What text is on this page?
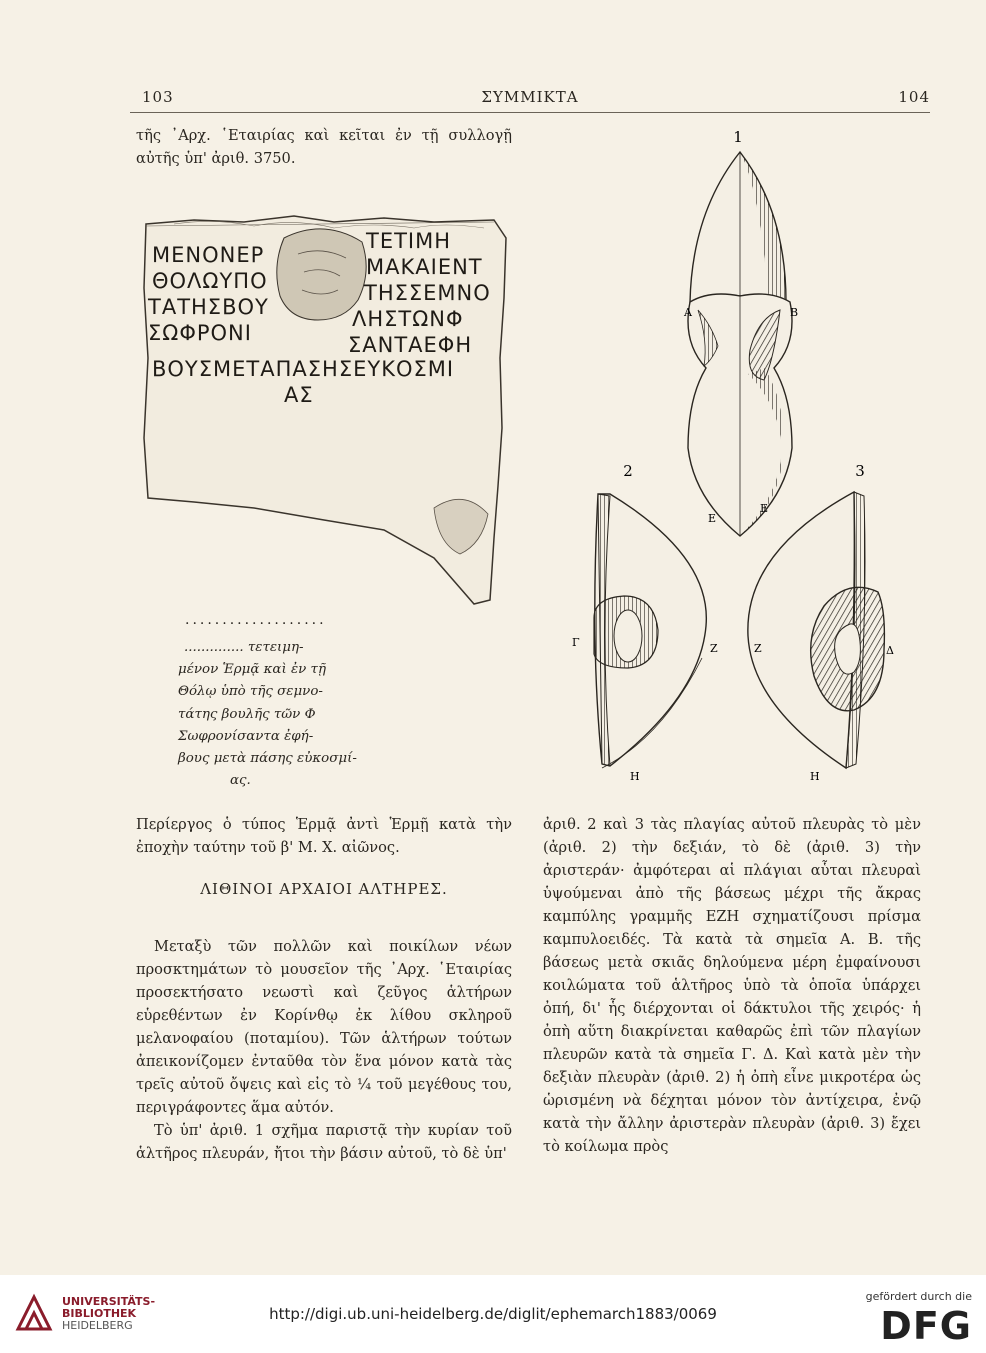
103	ΣΥΜΜΙΚΤΑ	104
τῆς ᾿Αρχ. ῾Εταιρίας καὶ κεῖται ἐν τῇ συλλογῇ αὐτῆς ὑπ' ἀριθ. 3750.
ΜΕΝΟΝΕΡ
ΤΕΤΙΜΗ
ΘΟΛΩΥΠΟ
ΜΑΚΑΙΕΝΤ
ΤΑΤΗΣΒΟΥ
ΤΗΣΣΕΜΝΟ
ΣΩΦΡΟΝΙ
ΛΗΣΤΩΝΦ
ΣΑΝΤΑΕΦΗ
ΒΟΥΣΜΕΤΑΠΑΣΗΣΕΥΚΟΣΜΙ
ΑΣ
...................
.............. τετειμη-
μένον Ἑρμᾷ καὶ ἐν τῇ
Θόλῳ ὑπὸ τῆς σεμνο-
τάτης βουλῆς τῶν Φ
Σωφρονίσαντα ἐφή-
βους μετὰ πάσης εὐκοσμί-
ας.
Περίεργος ὁ τύπος Ἑρμᾷ ἀντὶ Ἑρμῇ κατὰ τὴν ἐποχὴν ταύτην τοῦ β' Μ. Χ. αἰῶνος.
ΛΙΘΙΝΟΙ ΑΡΧΑΙΟΙ ΑΛΤΗΡΕΣ.

Μεταξὺ τῶν πολλῶν καὶ ποικίλων νέων προσκτημάτων τὸ μουσεῖον τῆς ᾿Αρχ. ῾Εταιρίας προσεκτήσατο νεωστὶ καὶ ζεῦγος ἁλτήρων εὑρεθέντων ἐν Κορίνθῳ ἐκ λίθου σκληροῦ μελανοφαίου (ποταμίου). Τῶν ἁλτήρων τούτων ἀπεικονίζομεν ἐνταῦθα τὸν ἕνα μόνον κατὰ τὰς τρεῖς αὐτοῦ ὄψεις καὶ εἰς τὸ ¼ τοῦ μεγέθους του, περιγράφοντες ἅμα αὐτόν.

Τὸ ὑπ' ἀριθ. 1 σχῆμα παριστᾷ τὴν κυρίαν τοῦ ἁλτῆρος πλευράν, ἤτοι τὴν βάσιν αὐτοῦ, τὸ δὲ ὑπ'

1
Α	Β
2
Ε
Γ	Ζ
Η
3
Ε
Ζ	Δ
Η
ἀριθ. 2 καὶ 3 τὰς πλαγίας αὐτοῦ πλευρὰς τὸ μὲν (ἀριθ. 2) τὴν δεξιάν, τὸ δὲ (ἀριθ. 3) τὴν ἀριστεράν· ἀμφότεραι αἱ πλάγιαι αὗται πλευραὶ ὑψούμεναι ἀπὸ τῆς βάσεως μέχρι τῆς ἄκρας καμπύλης γραμμῆς ΕΖΗ σχηματίζουσι πρίσμα καμπυλοειδές. Τὰ κατὰ τὰ σημεῖα Α. Β. τῆς βάσεως μετὰ σκιᾶς δηλούμενα μέρη ἐμφαίνουσι κοιλώματα τοῦ ἁλτῆρος ὑπὸ τὰ ὁποῖα ὑπάρχει ὀπή, δι' ἧς διέρχονται οἱ δάκτυλοι τῆς χειρός· ἡ ὀπὴ αὕτη διακρίνεται καθαρῶς ἐπὶ τῶν πλαγίων πλευρῶν κατὰ τὰ σημεῖα Γ. Δ. Καὶ κατὰ μὲν τὴν δεξιὰν πλευρὰν (ἀριθ. 2) ἡ ὀπὴ εἶνε μικροτέρα ὡς ὡρισμένη νὰ δέχηται μόνον τὸν ἀντίχειρα, ἐνῷ κατὰ τὴν ἄλλην ἀριστερὰν πλευρὰν (ἀριθ. 3) ἔχει τὸ κοίλωμα πρὸς
UNIVERSITÄTS-
BIBLIOTHEK
HEIDELBERG
http://digi.ub.uni-heidelberg.de/diglit/ephemarch1883/0069
gefördert durch die
DFG
